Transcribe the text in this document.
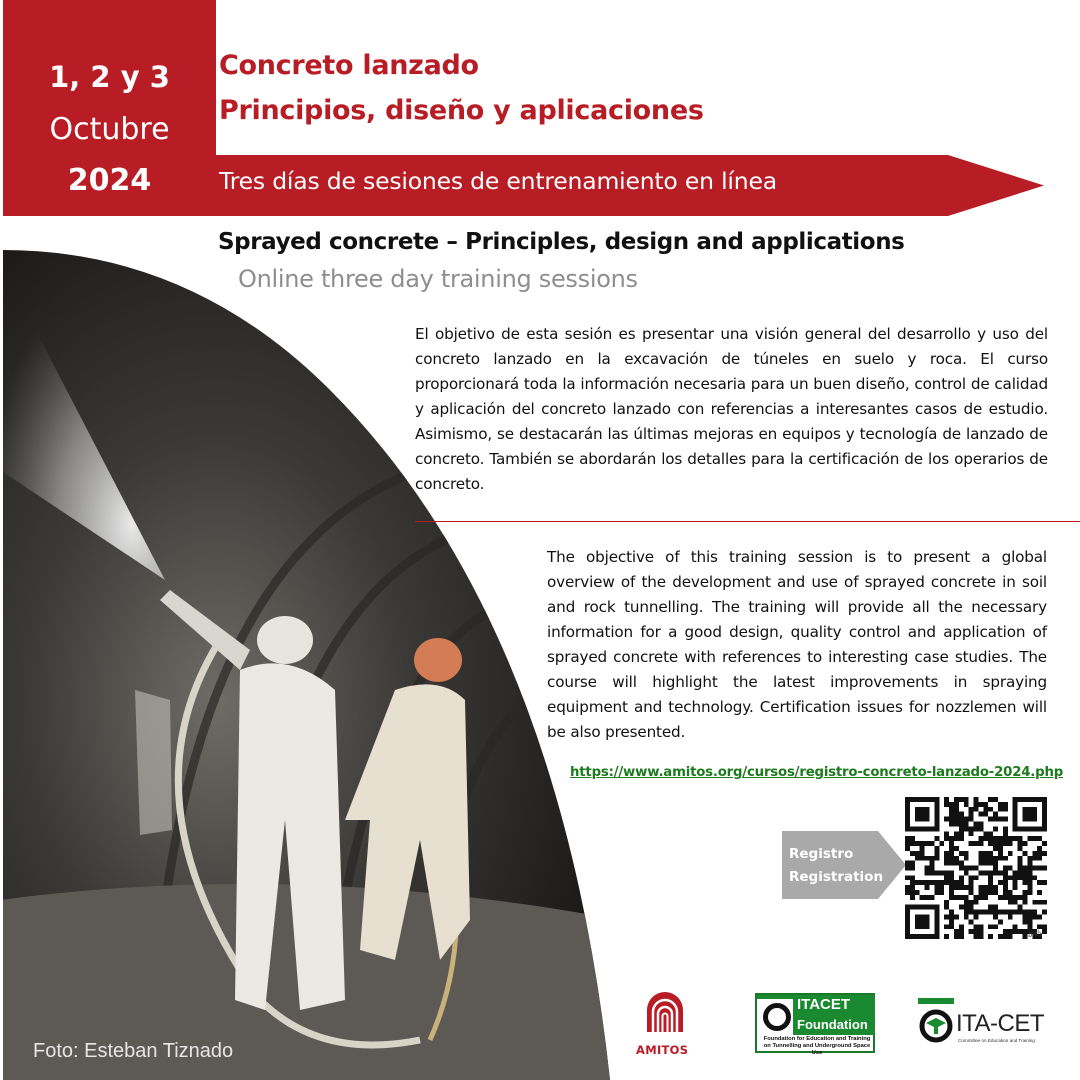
1, 2 y 3
Octubre
2024
Concreto lanzado
Principios, diseño y aplicaciones
Tres días de sesiones de entrenamiento en línea
Sprayed concrete – Principles, design and applications
Online three day training sessions
El objetivo de esta sesión es presentar una visión general del desarrollo y uso del concreto lanzado en la excavación de túneles en suelo y roca. El curso proporcionará toda la información necesaria para un buen diseño, control de calidad y aplicación del concreto lanzado con referencias a interesantes casos de estudio. Asimismo, se destacarán las últimas mejoras en equipos y tecnología de lanzado de concreto. También se abordarán los detalles para la certificación de los operarios de concreto.
The objective of this training session is to present a global overview of the development and use of sprayed concrete in soil and rock tunnelling. The training will provide all the necessary information for a good design, quality control and application of sprayed concrete with references to interesting case studies. The course will highlight the latest improvements in spraying equipment and technology. Certification issues for nozzlemen will be also presented.
https://www.amitos.org/cursos/registro-concreto-lanzado-2024.php
Registro
Registration
bitly
Foto: Esteban Tiznado	AMITOS
ITACET
Foundation
Foundation for Education and Training on Tunnelling and Underground Space Use
ITA-CET
Committee on Education and Training
